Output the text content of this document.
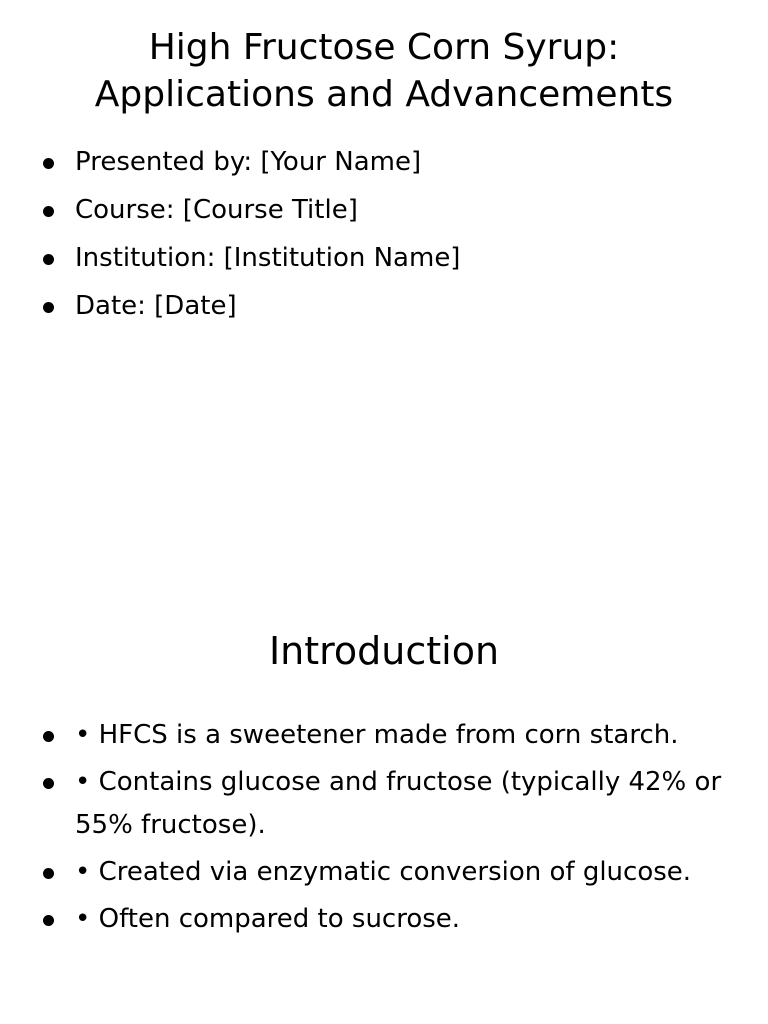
High Fructose Corn Syrup:
Applications and Advancements
Presented by: [Your Name]
Course: [Course Title]
Institution: [Institution Name]
Date: [Date]
Introduction
• HFCS is a sweetener made from corn starch.
• Contains glucose and fructose (typically 42% or 55% fructose).
• Created via enzymatic conversion of glucose.
• Often compared to sucrose.
